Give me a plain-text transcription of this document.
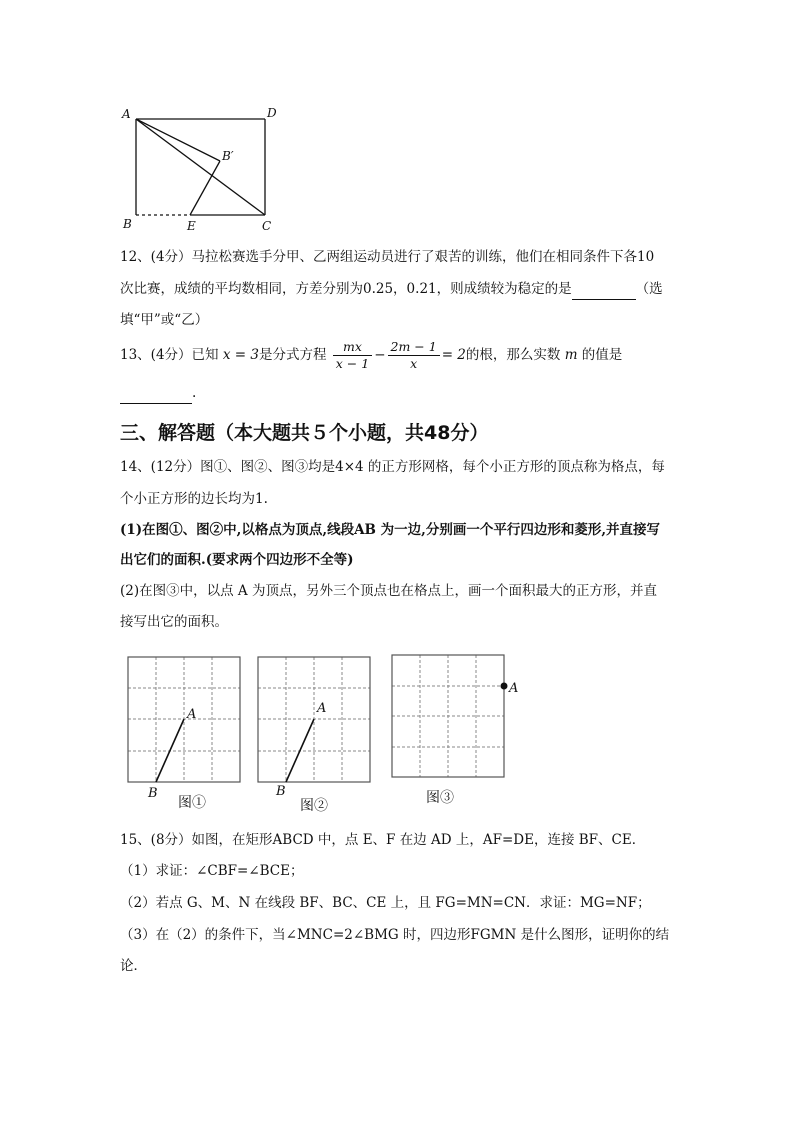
A	D
B′
B	E	C
12、(4分）马拉松赛选手分甲、乙两组运动员进行了艰苦的训练，他们在相同条件下各10
次比赛，成绩的平均数相同，方差分别为0.25，0.21，则成绩较为稳定的是	（选
填“甲”或“乙）
13、(4分）已知 x = 3是分式方程 $\frac{mx}{x - 1} - \frac{2m - 1}{x} = 2$的根，那么实数 m 的值是
.
三、解答题（本大题共５个小题，共48分）
14、(12分）图①、图②、图③均是4×4 的正方形网格，每个小正方形的顶点称为格点，每
个小正方形的边长均为1.
(1)在图①、图②中,以格点为顶点,线段AB 为一边,分别画一个平行四边形和菱形,并直接写
出它们的面积.(要求两个四边形不全等)
(2)在图③中，以点 A 为顶点，另外三个顶点也在格点上，画一个面积最大的正方形，并直
接写出它的面积。
A
B
图①
A
B
图②
A
图③
15、(8分）如图，在矩形ABCD 中，点 E、F 在边 AD 上，AF=DE，连接 BF、CE．
（1）求证：∠CBF=∠BCE；
（2）若点 G、M、N 在线段 BF、BC、CE 上，且 FG=MN=CN．求证：MG=NF；
（3）在（2）的条件下，当∠MNC=2∠BMG 时，四边形FGMN 是什么图形，证明你的结
论．
